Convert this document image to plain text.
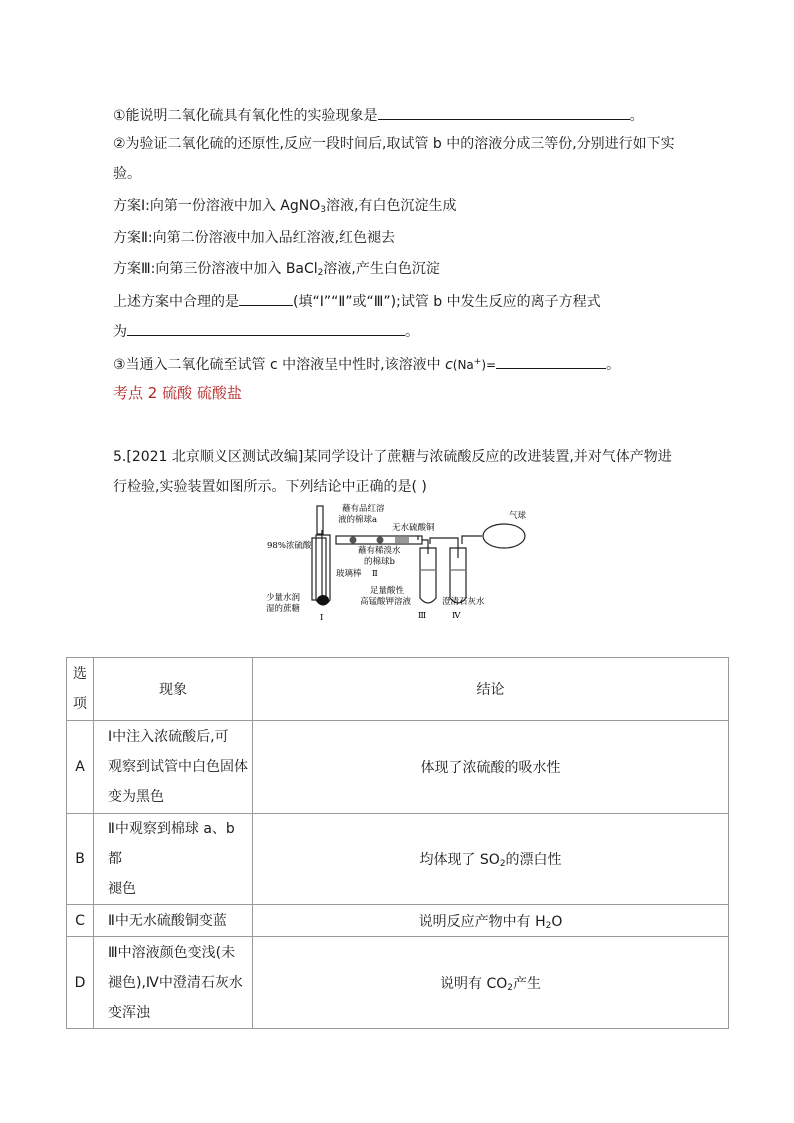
①能说明二氧化硫具有氧化性的实验现象是	。
②为验证二氧化硫的还原性,反应一段时间后,取试管 b 中的溶液分成三等份,分别进行如下实
验。
方案Ⅰ:向第一份溶液中加入 AgNO$_3$溶液,有白色沉淀生成
方案Ⅱ:向第二份溶液中加入品红溶液,红色褪去
方案Ⅲ:向第三份溶液中加入 BaCl$_2$溶液,产生白色沉淀
上述方案中合理的是	(填“Ⅰ”“Ⅱ”或“Ⅲ”);试管 b 中发生反应的离子方程式
为	。
③当通入二氧化硫至试管 c 中溶液呈中性时,该溶液中 c(Na+)=	。
考点 2 硫酸 硫酸盐
5.[2021 北京顺义区测试改编]某同学设计了蔗糖与浓硫酸反应的改进装置,并对气体产物进
行检验,实验装置如图所示。下列结论中正确的是( )
蘸有品红溶
液的棉球a
无水硫酸铜
气球
98%浓硫酸	蘸有稀溴水
的棉球b
Ⅱ
玻璃棒
少量水润
湿的蔗糖
足量酸性
高锰酸钾溶液	澄清石灰水
Ⅰ	Ⅲ	Ⅳ
选
项	现象	结论
A	Ⅰ中注入浓硫酸后,可
观察到试管中白色固体
变为黑色	体现了浓硫酸的吸水性
B	Ⅱ中观察到棉球 a、b 都
褪色	均体现了 $SO_2$的漂白性
C	Ⅱ中无水硫酸铜变蓝	说明反应产物中有 $H_2O$
D	Ⅲ中溶液颜色变浅(未
褪色),Ⅳ中澄清石灰水
变浑浊	说明有 $CO_2$产生
